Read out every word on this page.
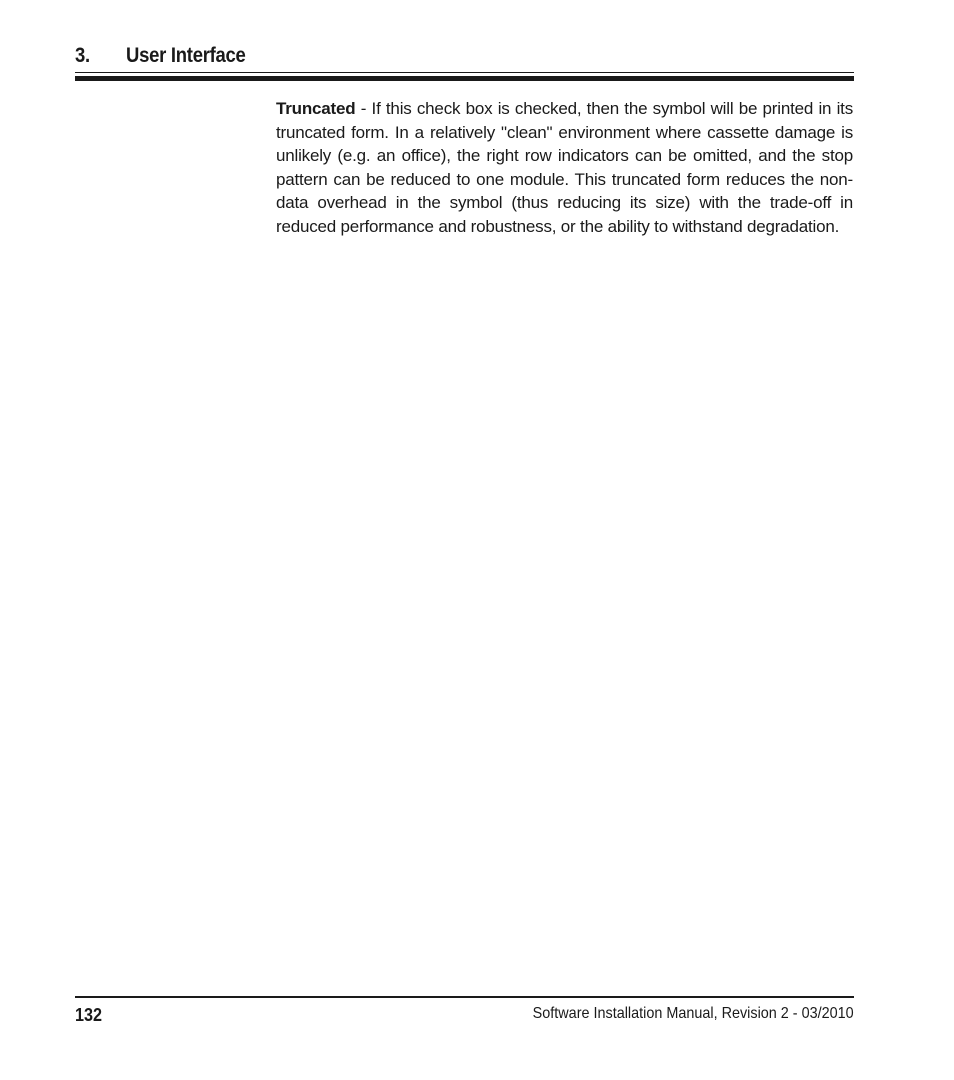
3. User Interface

Truncated - If this check box is checked, then the symbol will be printed in its truncated form. In a relatively "clean" environment where cassette damage is unlikely (e.g. an office), the right row indicators can be omitted, and the stop pattern can be reduced to one module. This truncated form reduces the non-data overhead in the symbol (thus reducing its size) with the trade-off in reduced performance and robustness, or the ability to withstand degradation.

132	Software Installation Manual, Revision 2 - 03/2010
